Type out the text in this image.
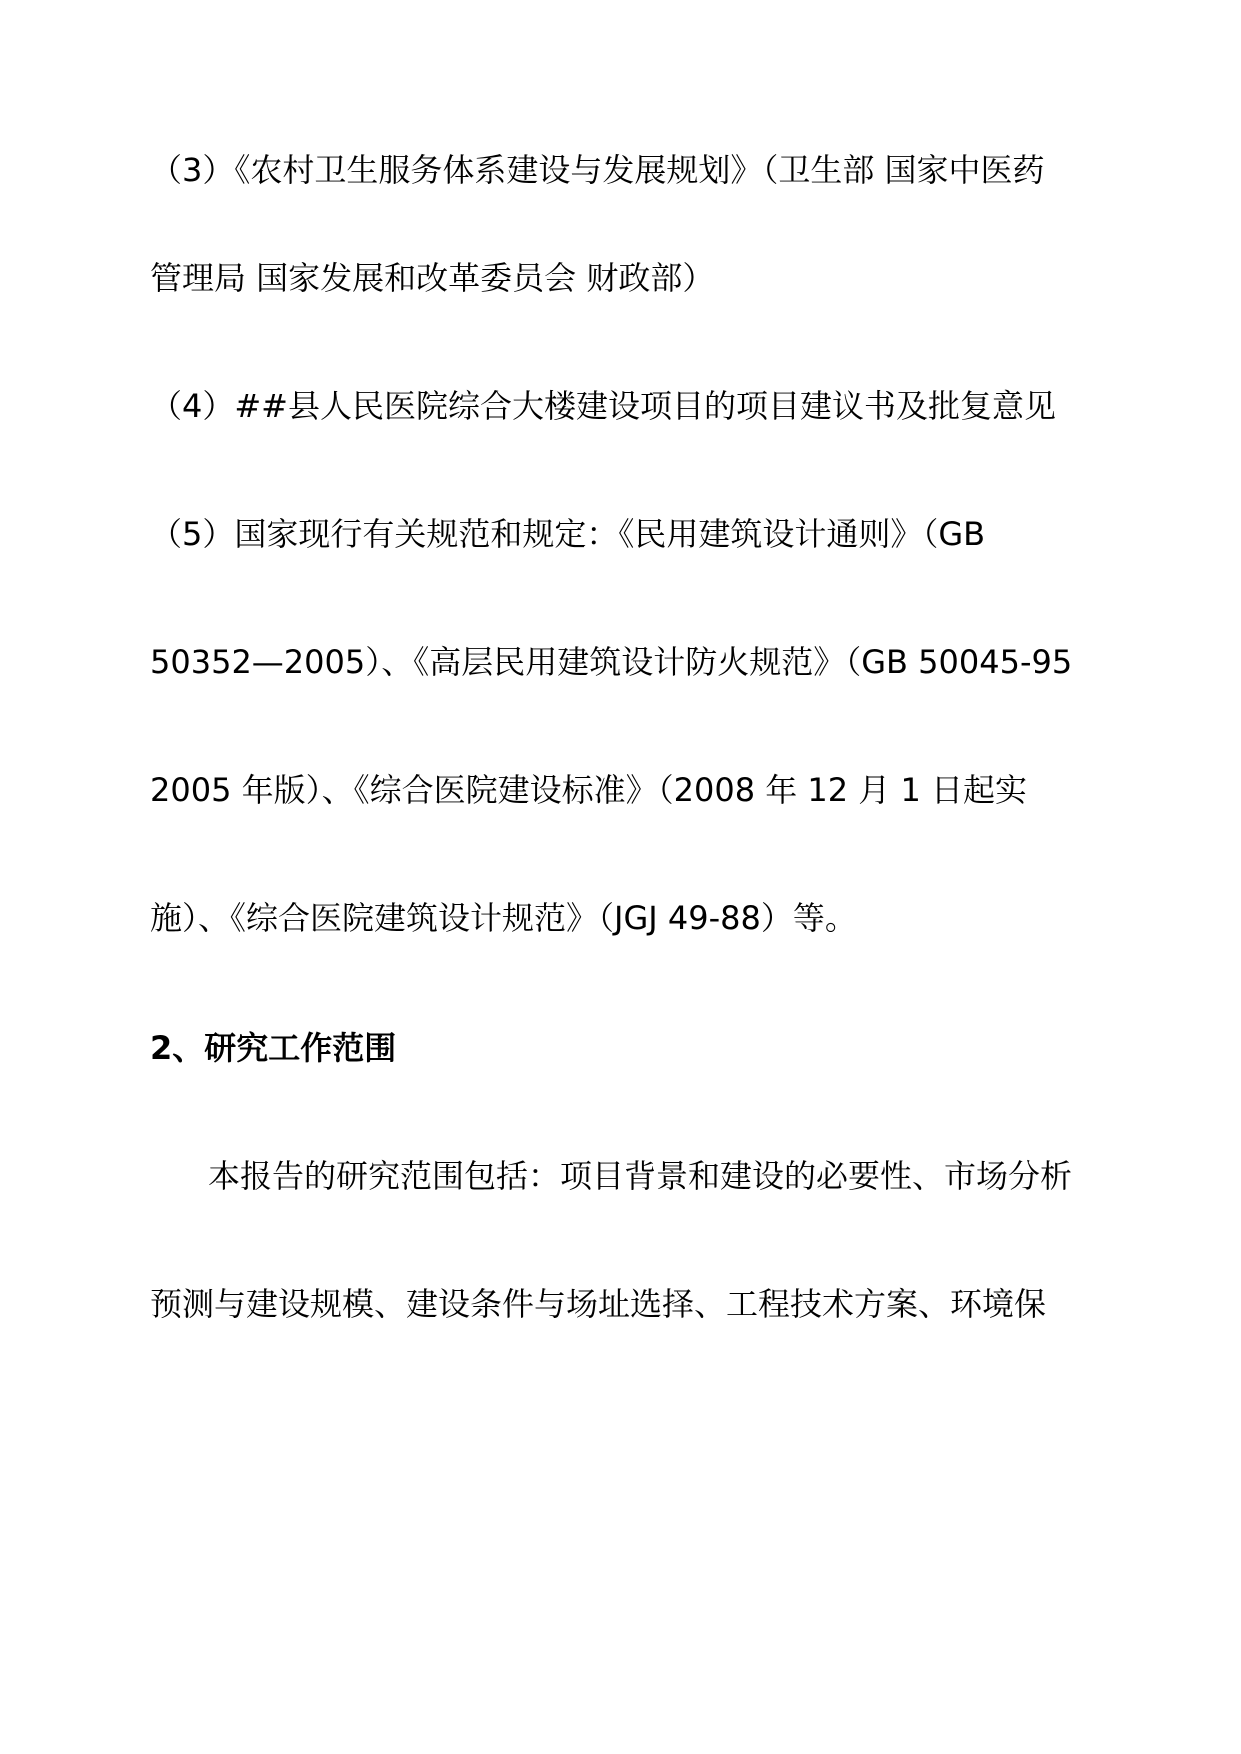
（3）《农村卫生服务体系建设与发展规划》（卫生部 国家中医药
管理局 国家发展和改革委员会 财政部）
（4）##县人民医院综合大楼建设项目的项目建议书及批复意见
（5）国家现行有关规范和规定：《民用建筑设计通则》（GB
50352—2005）、《高层民用建筑设计防火规范》（GB 50045-95
2005 年版）、《综合医院建设标准》（2008 年 12 月 1 日起实
施）、《综合医院建筑设计规范》（JGJ 49-88）等。
2、研究工作范围
本报告的研究范围包括：项目背景和建设的必要性、市场分析
预测与建设规模、建设条件与场址选择、工程技术方案、环境保
